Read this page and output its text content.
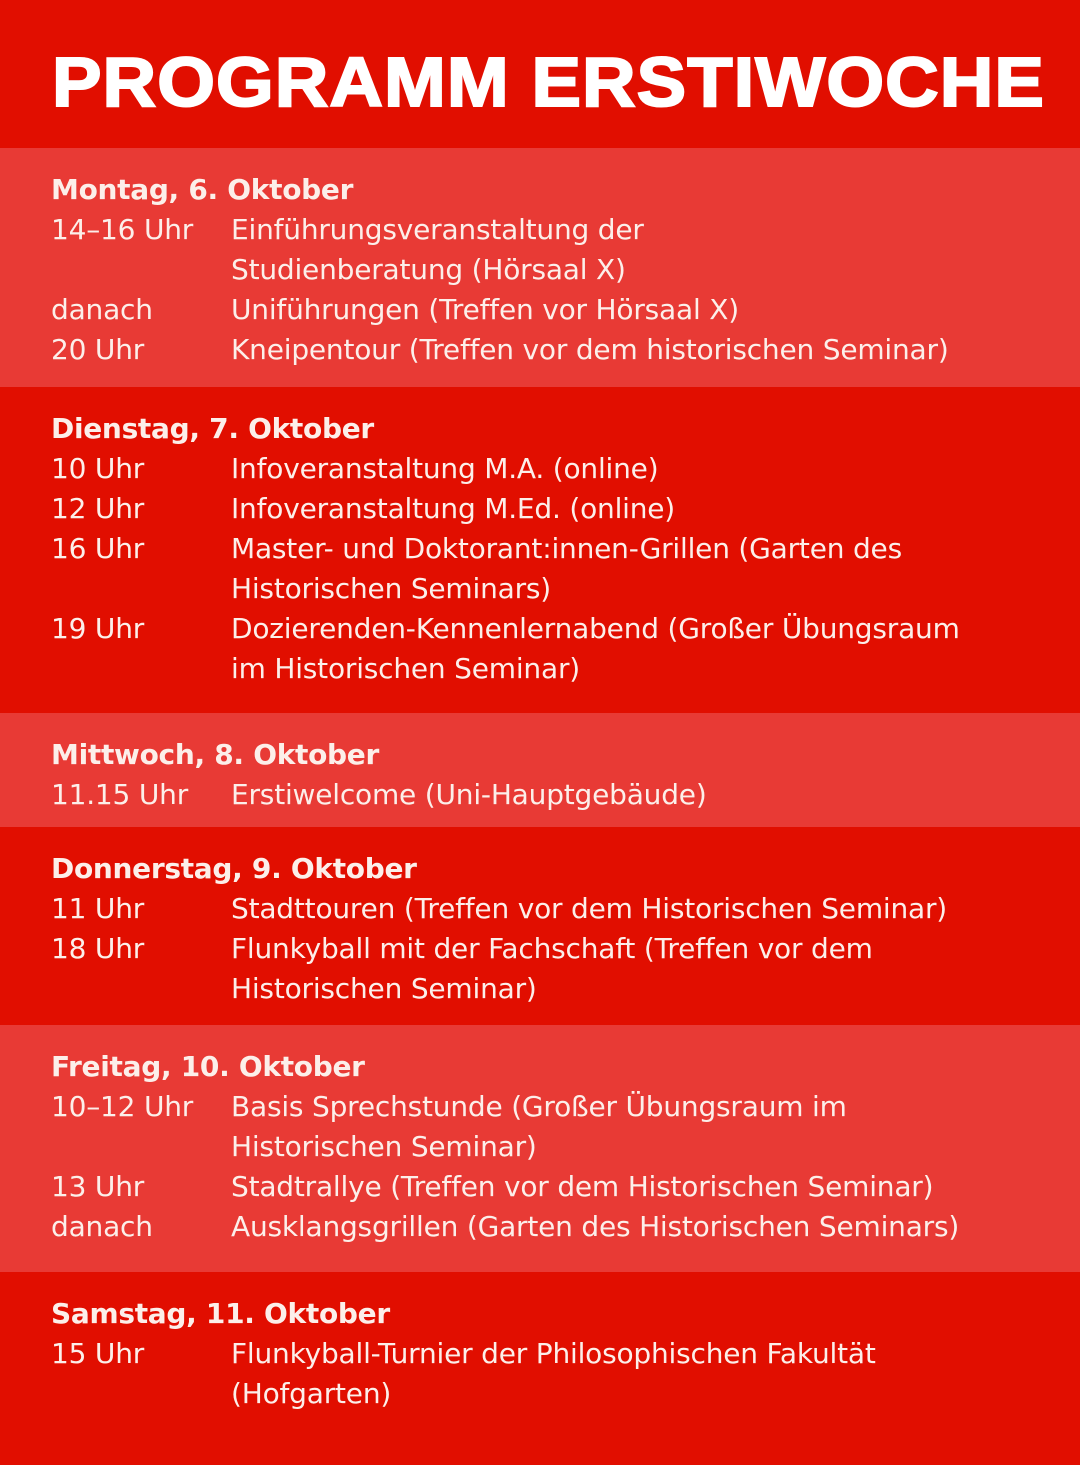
PROGRAMM ERSTIWOCHE
Montag, 6. Oktober
14–16 Uhr	Einführungsveranstaltung der
Studienberatung (Hörsaal X)
danach	Uniführungen (Treffen vor Hörsaal X)
20 Uhr	Kneipentour (Treffen vor dem historischen Seminar)
Dienstag, 7. Oktober
10 Uhr	Infoveranstaltung M.A. (online)
12 Uhr	Infoveranstaltung M.Ed. (online)
16 Uhr	Master- und Doktorant:innen-Grillen (Garten des
Historischen Seminars)
19 Uhr	Dozierenden-Kennenlernabend (Großer Übungsraum
im Historischen Seminar)
Mittwoch, 8. Oktober
11.15 Uhr	Erstiwelcome (Uni-Hauptgebäude)
Donnerstag, 9. Oktober
11 Uhr	Stadttouren (Treffen vor dem Historischen Seminar)
18 Uhr	Flunkyball mit der Fachschaft (Treffen vor dem
Historischen Seminar)
Freitag, 10. Oktober
10–12 Uhr	Basis Sprechstunde (Großer Übungsraum im
Historischen Seminar)
13 Uhr	Stadtrallye (Treffen vor dem Historischen Seminar)
danach	Ausklangsgrillen (Garten des Historischen Seminars)
Samstag, 11. Oktober
15 Uhr	Flunkyball-Turnier der Philosophischen Fakultät
(Hofgarten)
